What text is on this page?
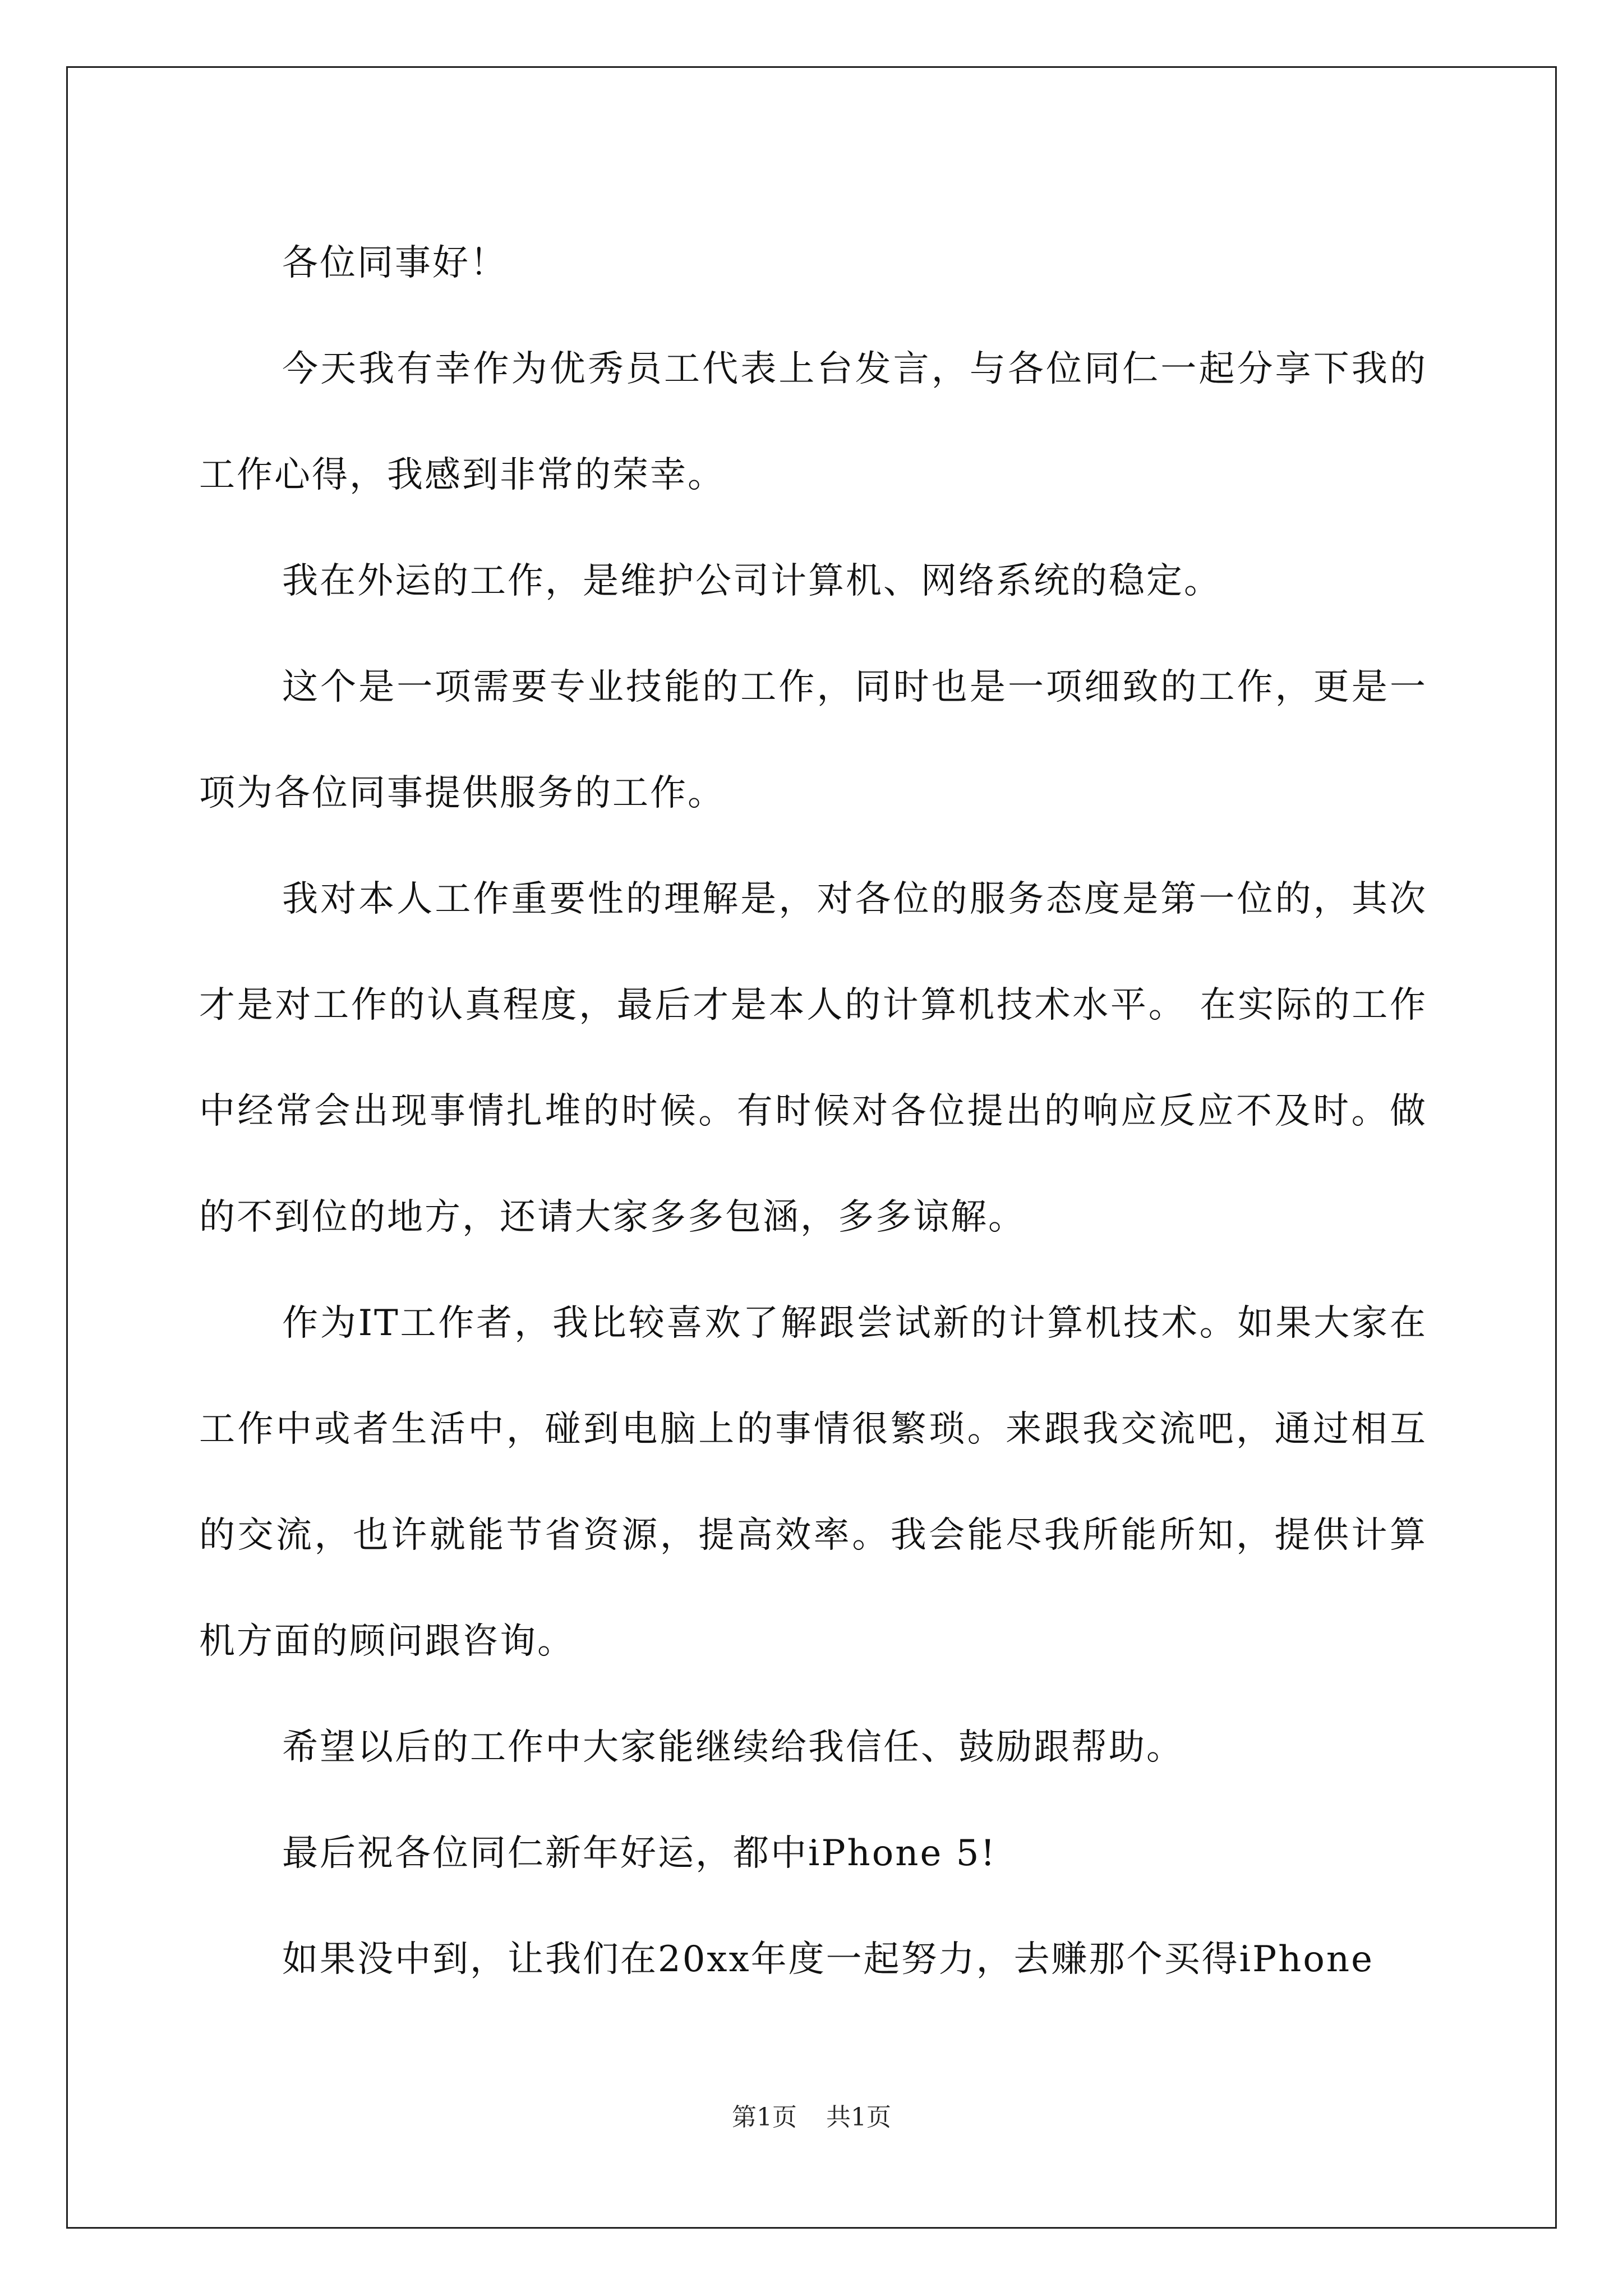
各位同事好！

今天我有幸作为优秀员工代表上台发言，与各位同仁一起分享下我的工作心得，我感到非常的荣幸。

我在外运的工作，是维护公司计算机、网络系统的稳定。

这个是一项需要专业技能的工作，同时也是一项细致的工作，更是一项为各位同事提供服务的工作。

我对本人工作重要性的理解是，对各位的服务态度是第一位的，其次才是对工作的认真程度，最后才是本人的计算机技术水平。 在实际的工作中经常会出现事情扎堆的时候。有时候对各位提出的响应反应不及时。做的不到位的地方，还请大家多多包涵，多多谅解。

作为IT工作者，我比较喜欢了解跟尝试新的计算机技术。如果大家在工作中或者生活中，碰到电脑上的事情很繁琐。来跟我交流吧，通过相互的交流，也许就能节省资源，提高效率。我会能尽我所能所知，提供计算机方面的顾问跟咨询。

希望以后的工作中大家能继续给我信任、鼓励跟帮助。

最后祝各位同仁新年好运，都中iPhone 5!

如果没中到，让我们在20xx年度一起努力，去赚那个买得iPhone

第1页 共1页
